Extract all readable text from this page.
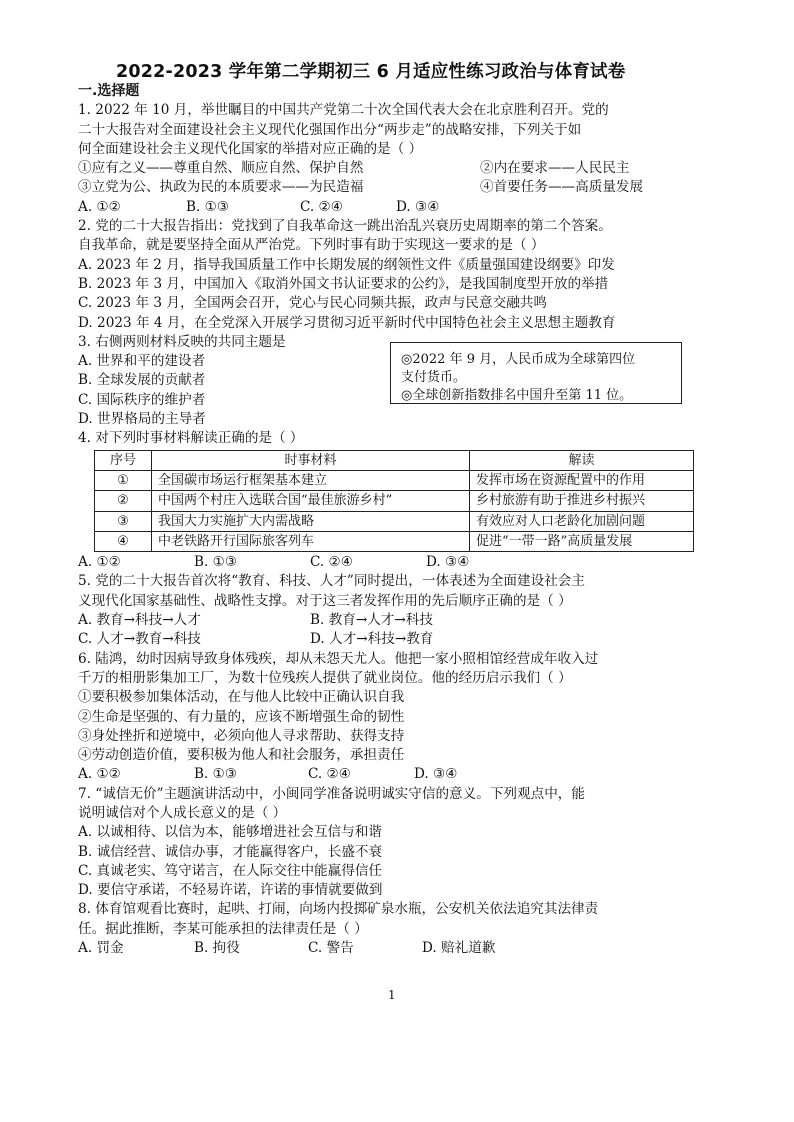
2022-2023 学年第二学期初三 6 月适应性练习政治与体育试卷
一.选择题
1. 2022 年 10 月，举世瞩目的中国共产党第二十次全国代表大会在北京胜利召开。党的
二十大报告对全面建设社会主义现代化强国作出分“两步走”的战略安排，下列关于如
何全面建设社会主义现代化国家的举措对应正确的是（ ）
①应有之义——尊重自然、顺应自然、保护自然	②内在要求——人民民主
③立党为公、执政为民的本质要求——为民造福	④首要任务——高质量发展
A. ①②	B. ①③	C. ②④	D. ③④
2. 党的二十大报告指出：党找到了自我革命这一跳出治乱兴衰历史周期率的第二个答案。
自我革命，就是要坚持全面从严治党。下列时事有助于实现这一要求的是（ ）
A. 2023 年 2 月，指导我国质量工作中长期发展的纲领性文件《质量强国建设纲要》印发
B. 2023 年 3 月，中国加入《取消外国文书认证要求的公约》，是我国制度型开放的举措
C. 2023 年 3 月，全国两会召开，党心与民心同频共振，政声与民意交融共鸣
D. 2023 年 4 月，在全党深入开展学习贯彻习近平新时代中国特色社会主义思想主题教育
3. 右侧两则材料反映的共同主题是
A. 世界和平的建设者
B. 全球发展的贡献者
C. 国际秩序的维护者
D. 世界格局的主导者
4. 对下列时事材料解读正确的是（ ）
序号	时事材料	解读
①	全国碳市场运行框架基本建立	发挥市场在资源配置中的作用
②	中国两个村庄入选联合国“最佳旅游乡村”	乡村旅游有助于推进乡村振兴
③	我国大力实施扩大内需战略	有效应对人口老龄化加剧问题
④	中老铁路开行国际旅客列车	促进“一带一路”高质量发展
A. ①②	B. ①③	C. ②④	D. ③④
5. 党的二十大报告首次将“教育、科技、人才”同时提出，一体表述为全面建设社会主
义现代化国家基础性、战略性支撑。对于这三者发挥作用的先后顺序正确的是（ ）
A. 教育→科技→人才	B. 教育→人才→科技
C. 人才→教育→科技	D. 人才→科技→教育
6. 陆鸿，幼时因病导致身体残疾，却从未怨天尤人。他把一家小照相馆经营成年收入过
千万的相册影集加工厂，为数十位残疾人提供了就业岗位。他的经历启示我们（ ）
①要积极参加集体活动，在与他人比较中正确认识自我
②生命是坚强的、有力量的，应该不断增强生命的韧性
③身处挫折和逆境中，必须向他人寻求帮助、获得支持
④劳动创造价值，要积极为他人和社会服务，承担责任
A. ①②	B. ①③	C. ②④	D. ③④
7. “诚信无价”主题演讲活动中，小闽同学准备说明诚实守信的意义。下列观点中，能
说明诚信对个人成长意义的是（ ）
A. 以诚相待、以信为本，能够增进社会互信与和谐
B. 诚信经营、诚信办事，才能赢得客户，长盛不衰
C. 真诚老实、笃守诺言，在人际交往中能赢得信任
D. 要信守承诺，不轻易许诺，许诺的事情就要做到
8. 体育馆观看比赛时，起哄、打闹，向场内投掷矿泉水瓶，公安机关依法追究其法律责
任。据此推断，李某可能承担的法律责任是（ ）
A. 罚金	B. 拘役	C. 警告	D. 赔礼道歉
◎2022 年 9 月，人民币成为全球第四位
支付货币。
◎全球创新指数排名中国升至第 11 位。
1
